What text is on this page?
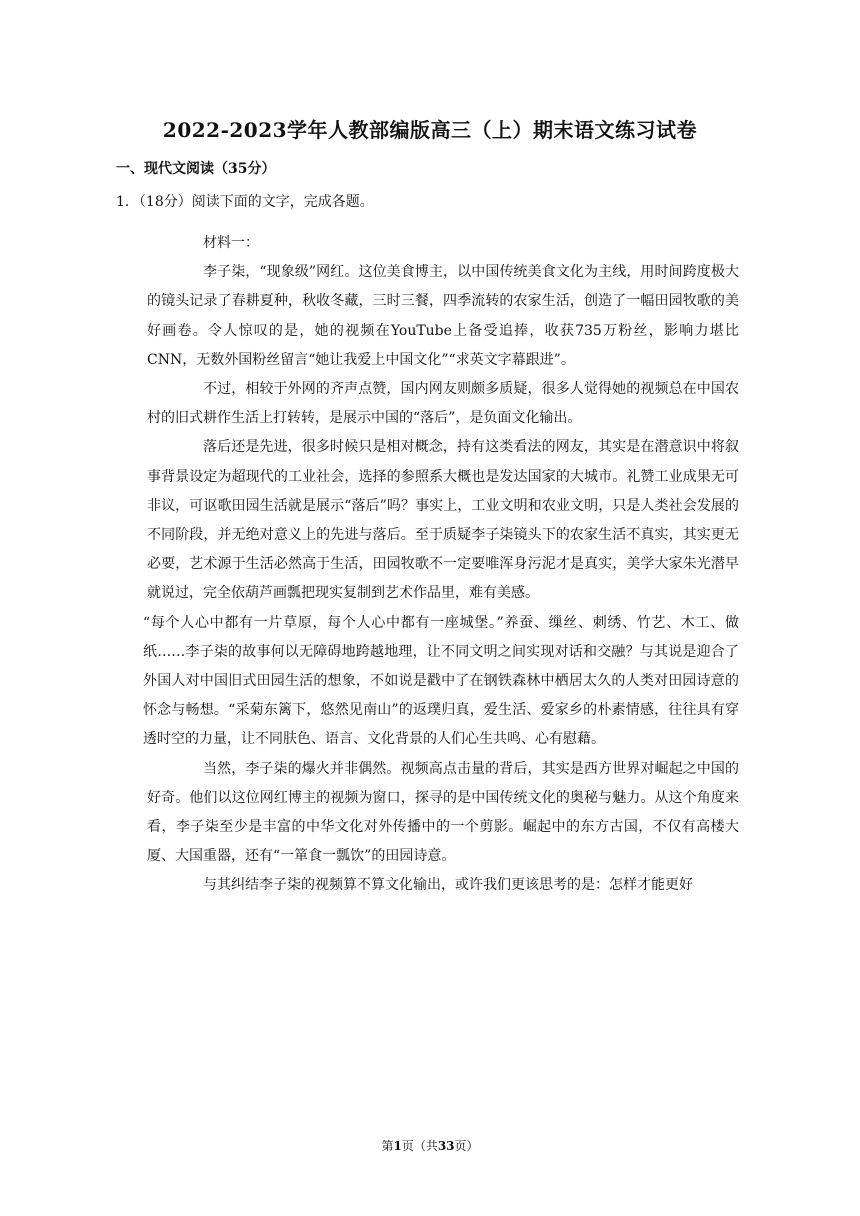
2022-2023学年人教部编版高三（上）期末语文练习试卷
一、现代文阅读（35分）
1．（18分）阅读下面的文字，完成各题。

材料一：

李子柒，“现象级”网红。这位美食博主，以中国传统美食文化为主线，用时间跨度极大的镜头记录了春耕夏种，秋收冬藏，三时三餐，四季流转的农家生活，创造了一幅田园牧歌的美好画卷。令人惊叹的是，她的视频在YouTube上备受追捧，收获735万粉丝，影响力堪比CNN，无数外国粉丝留言“她让我爱上中国文化”“求英文字幕跟进”。

不过，相较于外网的齐声点赞，国内网友则颇多质疑，很多人觉得她的视频总在中国农村的旧式耕作生活上打转转，是展示中国的“落后”，是负面文化输出。

落后还是先进，很多时候只是相对概念，持有这类看法的网友，其实是在潜意识中将叙事背景设定为超现代的工业社会，选择的参照系大概也是发达国家的大城市。礼赞工业成果无可非议，可讴歌田园生活就是展示“落后”吗？事实上，工业文明和农业文明，只是人类社会发展的不同阶段，并无绝对意义上的先进与落后。至于质疑李子柒镜头下的农家生活不真实，其实更无必要，艺术源于生活必然高于生活，田园牧歌不一定要唯浑身污泥才是真实，美学大家朱光潜早就说过，完全依葫芦画瓢把现实复制到艺术作品里，难有美感。

“每个人心中都有一片草原，每个人心中都有一座城堡。”养蚕、缫丝、刺绣、竹艺、木工、做纸……李子柒的故事何以无障碍地跨越地理，让不同文明之间实现对话和交融？与其说是迎合了外国人对中国旧式田园生活的想象，不如说是戳中了在钢铁森林中栖居太久的人类对田园诗意的怀念与畅想。“采菊东篱下，悠然见南山”的返璞归真，爱生活、爱家乡的朴素情感，往往具有穿透时空的力量，让不同肤色、语言、文化背景的人们心生共鸣、心有慰藉。

当然，李子柒的爆火并非偶然。视频高点击量的背后，其实是西方世界对崛起之中国的好奇。他们以这位网红博主的视频为窗口，探寻的是中国传统文化的奥秘与魅力。从这个角度来看，李子柒至少是丰富的中华文化对外传播中的一个剪影。崛起中的东方古国，不仅有高楼大厦、大国重器，还有“一箪食一瓢饮”的田园诗意。

与其纠结李子柒的视频算不算文化输出，或许我们更该思考的是：怎样才能更好

第1页（共33页）
